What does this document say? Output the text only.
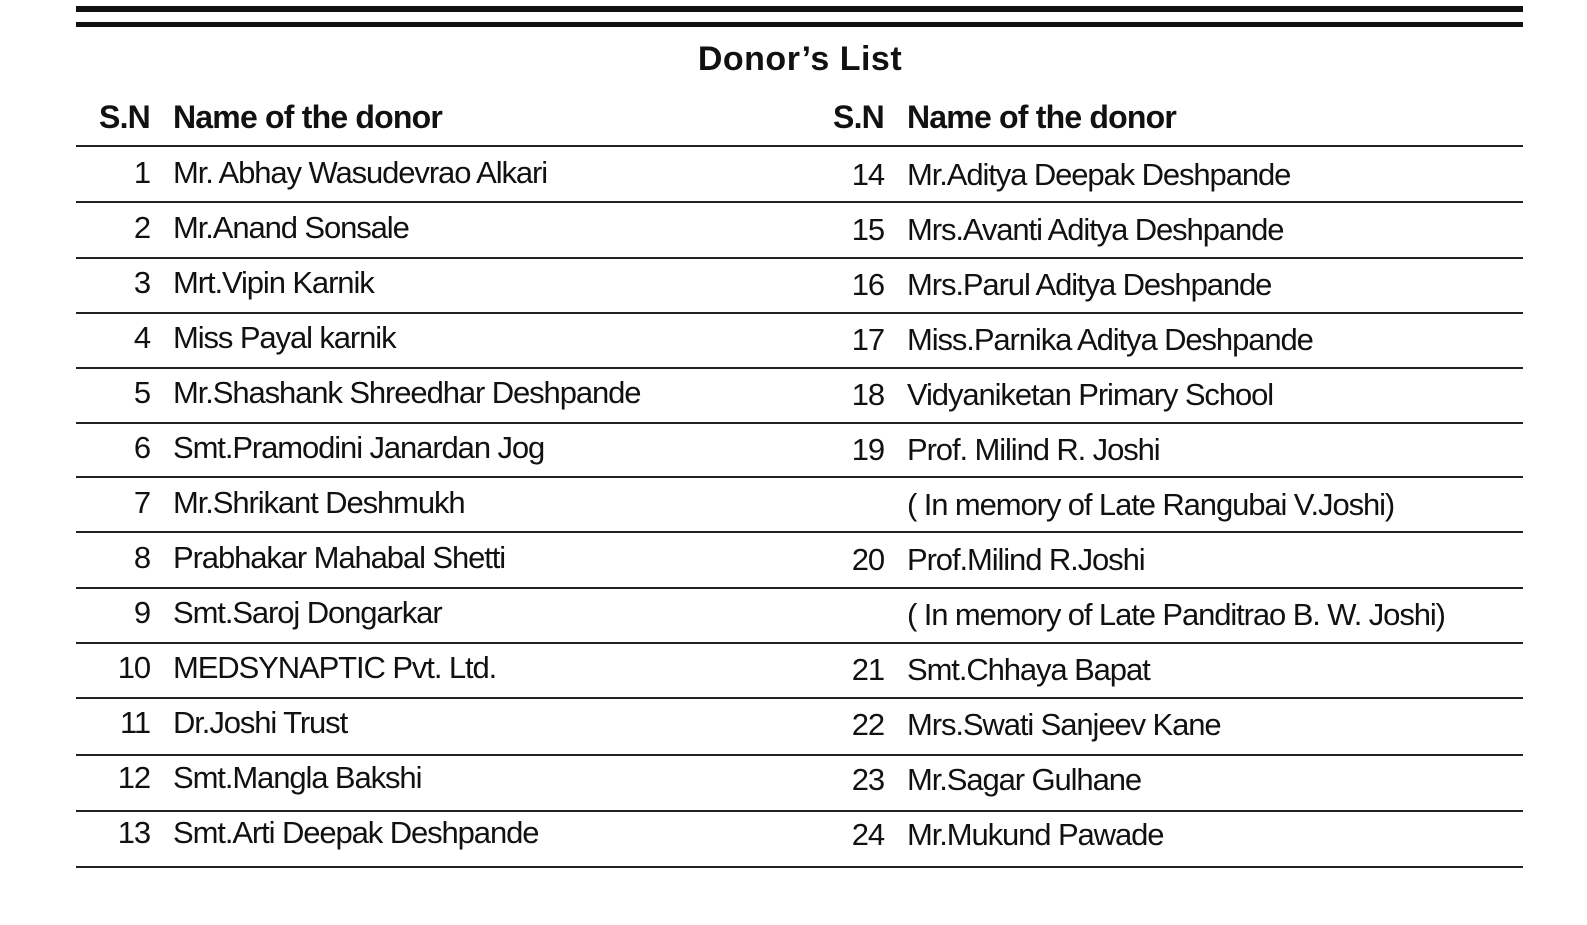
Donor’s List
S.N Name of the donor	S.N Name of the donor
1 Mr. Abhay Wasudevrao Alkari
2 Mr.Anand Sonsale
3 Mrt.Vipin Karnik
4 Miss Payal karnik
5 Mr.Shashank Shreedhar Deshpande
6 Smt.Pramodini Janardan Jog
7 Mr.Shrikant Deshmukh
8 Prabhakar Mahabal Shetti
9 Smt.Saroj Dongarkar
10 MEDSYNAPTIC Pvt. Ltd.
11 Dr.Joshi Trust
12 Smt.Mangla Bakshi
13 Smt.Arti Deepak Deshpande
14 Mr.Aditya Deepak Deshpande
15 Mrs.Avanti Aditya Deshpande
16 Mrs.Parul Aditya Deshpande
17 Miss.Parnika Aditya Deshpande
18 Vidyaniketan Primary School
19 Prof. Milind R. Joshi
( In memory of Late Rangubai V.Joshi)
20 Prof.Milind R.Joshi
( In memory of Late Panditrao B. W. Joshi)
21 Smt.Chhaya Bapat
22 Mrs.Swati Sanjeev Kane
23 Mr.Sagar Gulhane
24 Mr.Mukund Pawade
